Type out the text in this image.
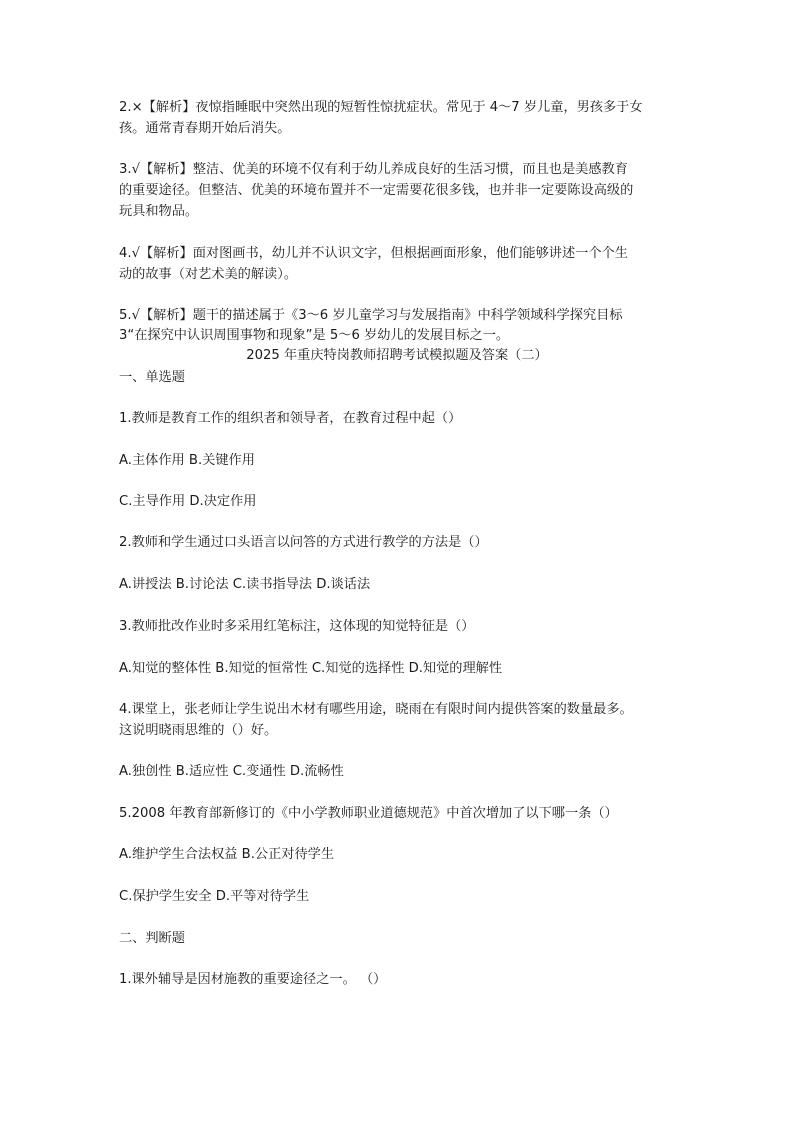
2.×【解析】夜惊指睡眠中突然出现的短暂性惊扰症状。常见于 4～7 岁儿童，男孩多于女
孩。通常青春期开始后消失。
3.√【解析】整洁、优美的环境不仅有利于幼儿养成良好的生活习惯，而且也是美感教育
的重要途径。但整洁、优美的环境布置并不一定需要花很多钱，也并非一定要陈设高级的
玩具和物品。
4.√【解析】面对图画书，幼儿并不认识文字，但根据画面形象，他们能够讲述一个个生
动的故事（对艺术美的解读）。
5.√【解析】题干的描述属于《3～6 岁儿童学习与发展指南》中科学领域科学探究目标
3“在探究中认识周围事物和现象”是 5～6 岁幼儿的发展目标之一。
2025 年重庆特岗教师招聘考试模拟题及答案（二）
一、单选题
1.教师是教育工作的组织者和领导者，在教育过程中起（）
A.主体作用 B.关键作用
C.主导作用 D.决定作用
2.教师和学生通过口头语言以问答的方式进行教学的方法是（）
A.讲授法 B.讨论法 C.读书指导法 D.谈话法
3.教师批改作业时多采用红笔标注，这体现的知觉特征是（）
A.知觉的整体性 B.知觉的恒常性 C.知觉的选择性 D.知觉的理解性
4.课堂上，张老师让学生说出木材有哪些用途，晓雨在有限时间内提供答案的数量最多。
这说明晓雨思维的（）好。
A.独创性 B.适应性 C.变通性 D.流畅性
5.2008 年教育部新修订的《中小学教师职业道德规范》中首次增加了以下哪一条（）
A.维护学生合法权益 B.公正对待学生
C.保护学生安全 D.平等对待学生
二、判断题
1.课外辅导是因材施教的重要途径之一。 （）
